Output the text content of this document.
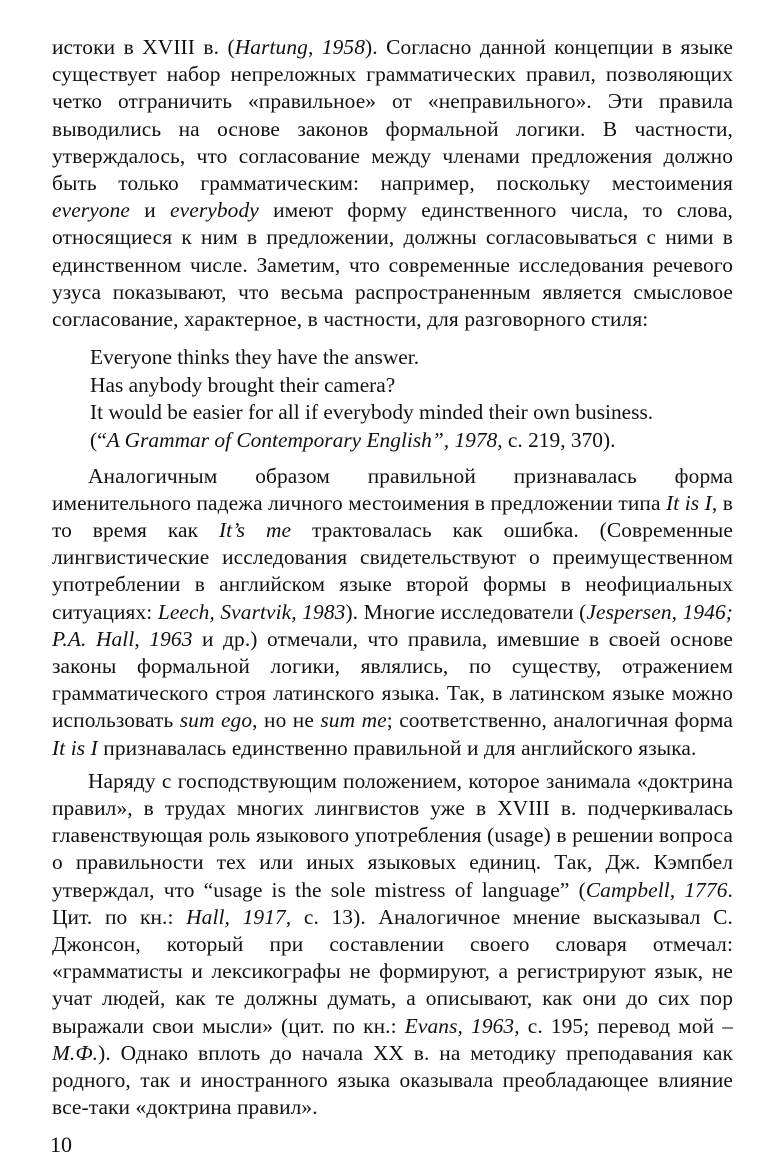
истоки в XVIII в. (Hartung, 1958). Согласно данной концепции в языке существует набор непреложных грамматических правил, позволяющих четко отграничить «правильное» от «неправильного». Эти правила выводились на основе законов формальной логики. В частности, утверждалось, что согласование между членами предложения должно быть только грамматическим: например, поскольку местоимения everyone и everybody имеют форму единственного числа, то слова, относящиеся к ним в предложении, должны согласовываться с ними в единственном числе. Заметим, что современные исследования речевого узуса показывают, что весьма распространенным является смысловое согласование, характерное, в частности, для разговорного стиля:

Everyone thinks they have the answer.
Has anybody brought their camera?
It would be easier for all if everybody minded their own business.
(“A Grammar of Contemporary English”, 1978, с. 219, 370).

Аналогичным образом правильной признавалась форма именительного падежа личного местоимения в предложении типа It is I, в то время как It’s me трактовалась как ошибка. (Современные лингвистические исследования свидетельствуют о преимущественном употреблении в английском языке второй формы в неофициальных ситуациях: Leech, Svartvik, 1983). Многие исследователи (Jespersen, 1946; P.A. Hall, 1963 и др.) отмечали, что правила, имевшие в своей основе законы формальной логики, являлись, по существу, отражением грамматического строя латинского языка. Так, в латинском языке можно использовать sum ego, но не sum me; соответственно, аналогичная форма It is I признавалась единственно правильной и для английского языка.

Наряду с господствующим положением, которое занимала «доктрина правил», в трудах многих лингвистов уже в XVIII в. подчеркивалась главенствующая роль языкового употребления (usage) в решении вопроса о правильности тех или иных языковых единиц. Так, Дж. Кэмпбел утверждал, что “usage is the sole mistress of language” (Campbell, 1776. Цит. по кн.: Hall, 1917, с. 13). Аналогичное мнение высказывал С. Джонсон, который при составлении своего словаря отмечал: «грамматисты и лексикографы не формируют, а регистрируют язык, не учат людей, как те должны думать, а описывают, как они до сих пор выражали свои мысли» (цит. по кн.: Evans, 1963, с. 195; перевод мой – М.Ф.). Однако вплоть до начала XX в. на методику преподавания как родного, так и иностранного языка оказывала преобладающее влияние все-таки «доктрина правил».

10
